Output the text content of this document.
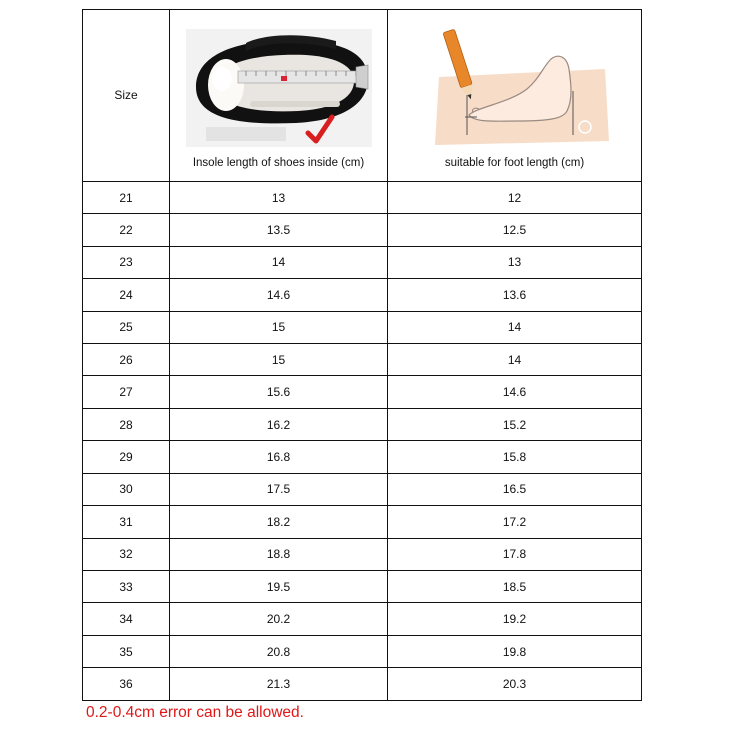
Size	Insole length of shoes inside (cm)	suitable for foot length (cm)

21	13	12
22	13.5	12.5
23	14	13
24	14.6	13.6
25	15	14
26	15	14
27	15.6	14.6
28	16.2	15.2
29	16.8	15.8
30	17.5	16.5
31	18.2	17.2
32	18.8	17.8
33	19.5	18.5
34	20.2	19.2
35	20.8	19.8
36	21.3	20.3
0.2-0.4cm error can be allowed.
